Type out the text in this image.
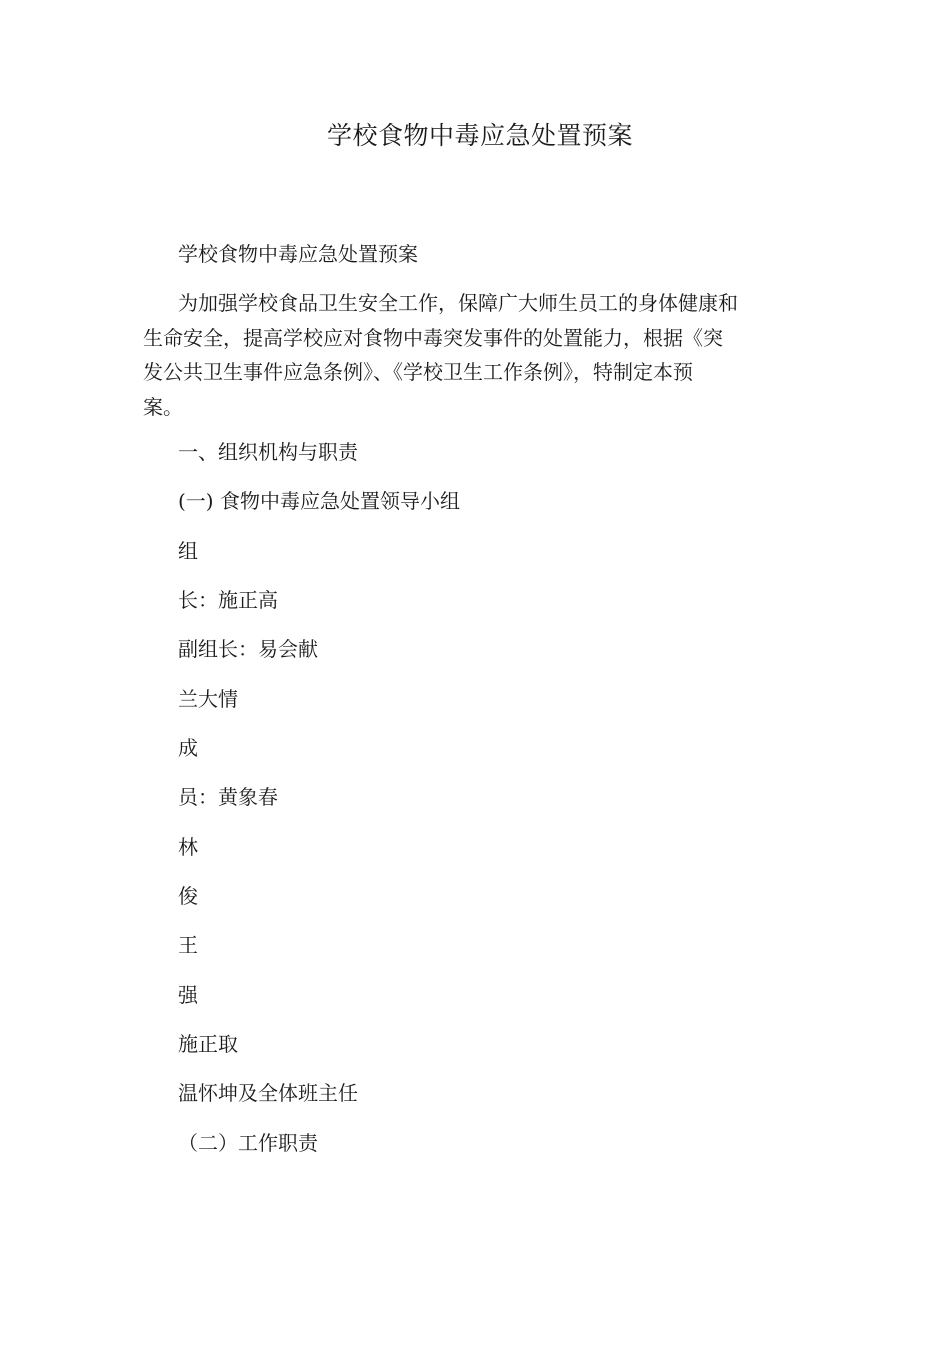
学校食物中毒应急处置预案
学校食物中毒应急处置预案
为加强学校食品卫生安全工作，保障广大师生员工的身体健康和
生命安全，提高学校应对食物中毒突发事件的处置能力，根据《突
发公共卫生事件应急条例》、《学校卫生工作条例》，特制定本预
案。
一、组织机构与职责
(一) 食物中毒应急处置领导小组
组
长：施正高
副组长：易会献
兰大情
成
员：黄象春
林
俊
王
强
施正取
温怀坤及全体班主任
（二）工作职责
